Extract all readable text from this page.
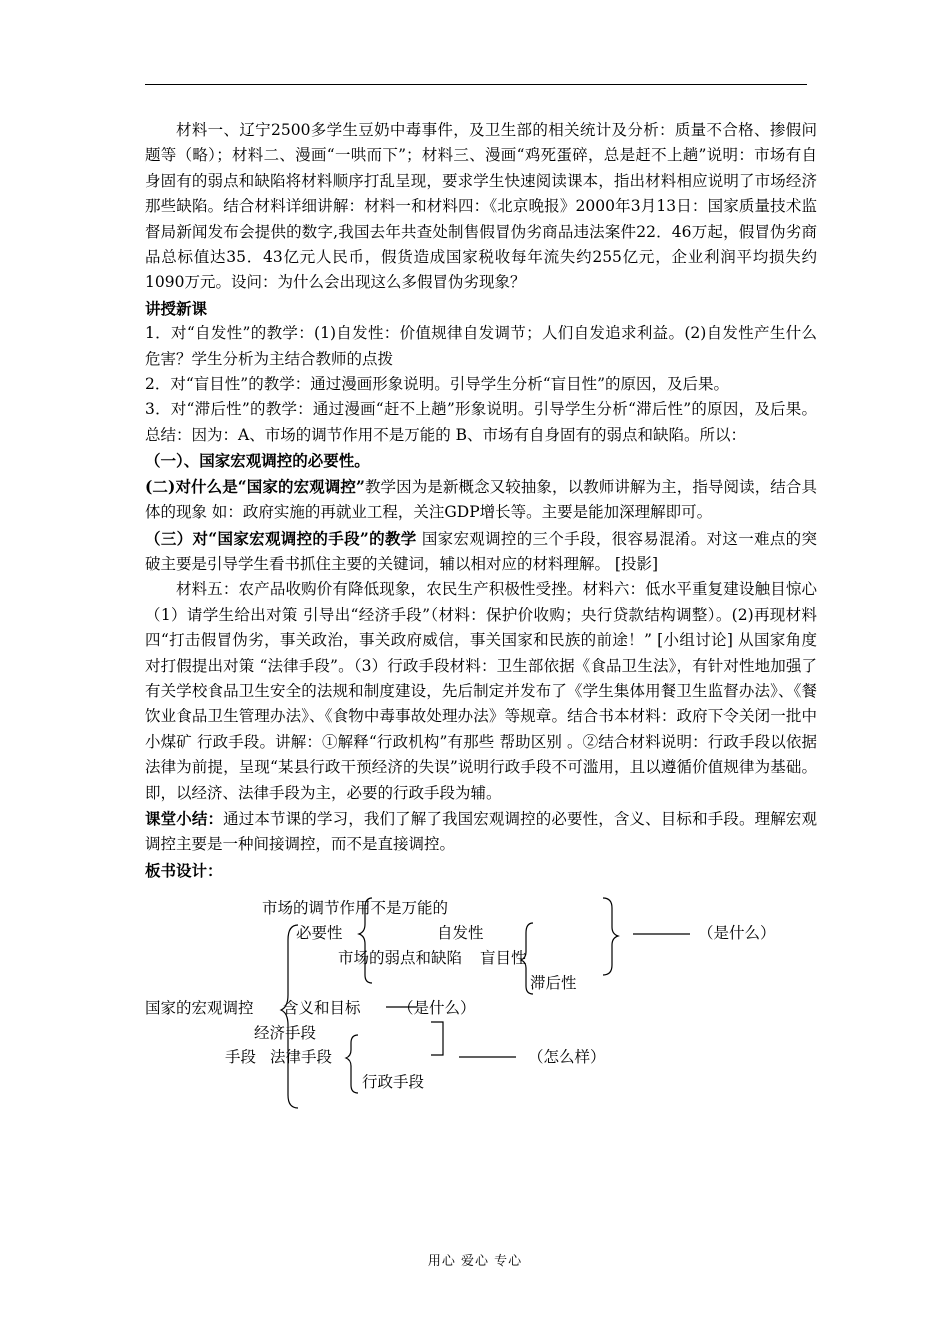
材料一、辽宁2500多学生豆奶中毒事件，及卫生部的相关统计及分析：质量不合格、掺假问题等（略）；材料二、漫画“一哄而下”；材料三、漫画“鸡死蛋碎，总是赶不上趟”说明：市场有自身固有的弱点和缺陷将材料顺序打乱呈现，要求学生快速阅读课本，指出材料相应说明了市场经济那些缺陷。结合材料详细讲解：材料一和材料四：《北京晚报》2000年3月13日：国家质量技术监督局新闻发布会提供的数字,我国去年共查处制售假冒伪劣商品违法案件22．46万起，假冒伪劣商品总标值达35．43亿元人民币，假货造成国家税收每年流失约255亿元，企业利润平均损失约1090万元。设问：为什么会出现这么多假冒伪劣现象？

讲授新课

1．对“自发性”的教学：(1)自发性：价值规律自发调节；人们自发追求利益。(2)自发性产生什么危害？学生分析为主结合教师的点拨

2．对“盲目性”的教学：通过漫画形象说明。引导学生分析“盲目性”的原因，及后果。

3．对“滞后性”的教学：通过漫画“赶不上趟”形象说明。引导学生分析“滞后性”的原因，及后果。总结：因为：A、市场的调节作用不是万能的 B、市场有自身固有的弱点和缺陷。所以：

（一）、国家宏观调控的必要性。

(二)对什么是“国家的宏观调控”教学因为是新概念又较抽象，以教师讲解为主，指导阅读，结合具体的现象 如：政府实施的再就业工程，关注GDP增长等。主要是能加深理解即可。

（三）对“国家宏观调控的手段”的教学 国家宏观调控的三个手段，很容易混淆。对这一难点的突破主要是引导学生看书抓住主要的关键词，辅以相对应的材料理解。 [投影]

材料五：农产品收购价有降低现象，农民生产积极性受挫。材料六：低水平重复建设触目惊心（1）请学生给出对策 引导出“经济手段”（材料：保护价收购；央行贷款结构调整）。(2)再现材料四“打击假冒伪劣，事关政治，事关政府威信，事关国家和民族的前途！” [小组讨论] 从国家角度对打假提出对策 “法律手段”。（3）行政手段材料：卫生部依据《食品卫生法》，有针对性地加强了有关学校食品卫生安全的法规和制度建设，先后制定并发布了《学生集体用餐卫生监督办法》、《餐饮业食品卫生管理办法》、《食物中毒事故处理办法》等规章。结合书本材料：政府下令关闭一批中小煤矿 行政手段。讲解：①解释“行政机构”有那些 帮助区别 。②结合材料说明：行政手段以依据法律为前提，呈现“某县行政干预经济的失误”说明行政手段不可滥用，且以遵循价值规律为基础。即，以经济、法律手段为主，必要的行政手段为辅。

课堂小结：通过本节课的学习，我们了解了我国宏观调控的必要性，含义、目标和手段。理解宏观调控主要是一种间接调控，而不是直接调控。

板书设计：

市场的调节作用不是万能的
必要性	自发性	（是什么）
市场的弱点和缺陷 盲目性
滞后性
国家的宏观调控 含义和目标 （是什么）
经济手段
手段 法律手段	（怎么样）
行政手段
用心 爱心 专心
